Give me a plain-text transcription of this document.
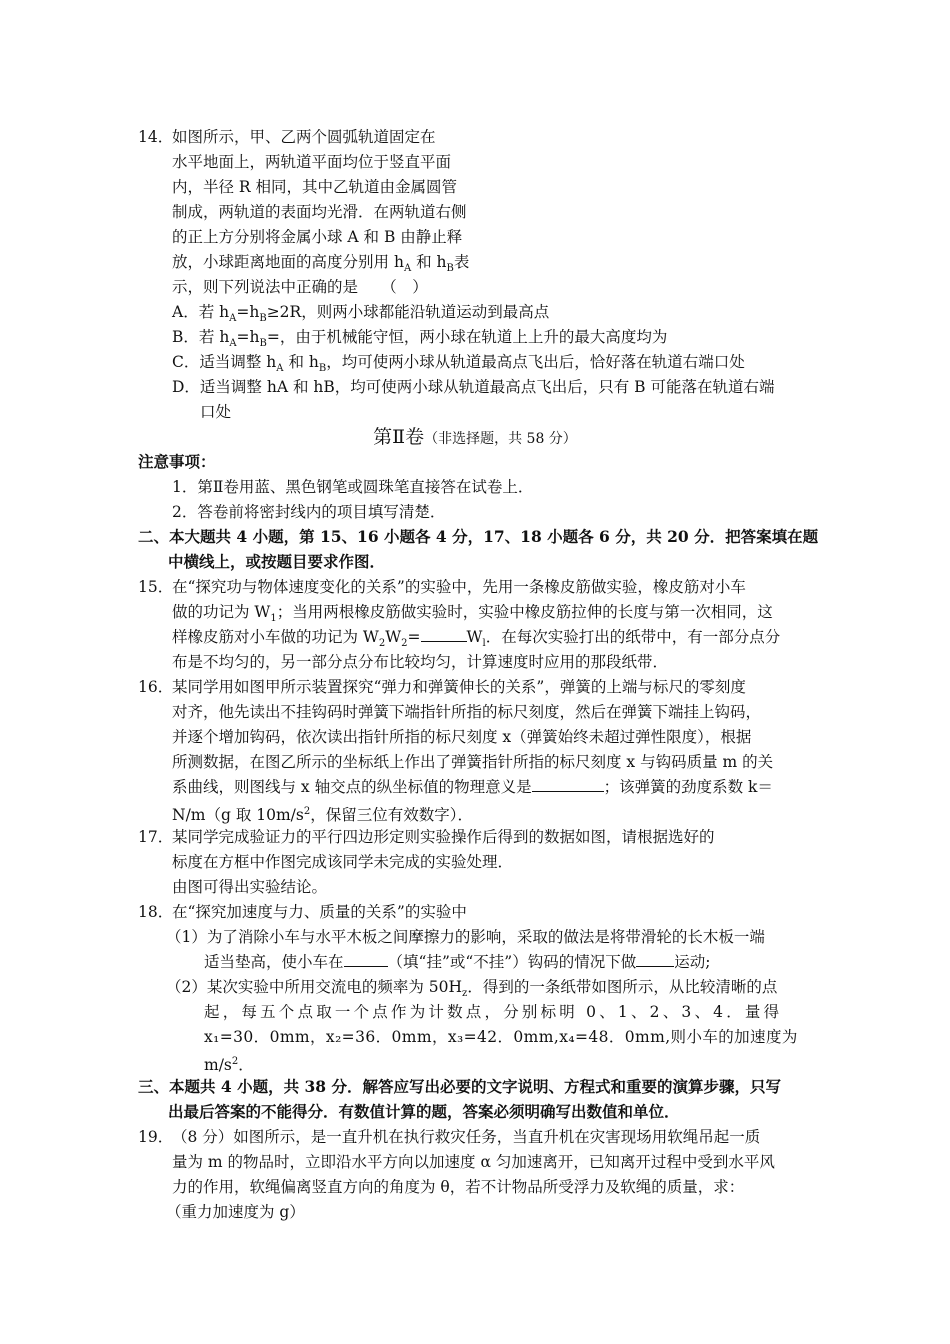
14．
如图所示，甲、乙两个圆弧轨道固定在
水平地面上，两轨道平面均位于竖直平面
内，半径 R 相同，其中乙轨道由金属圆管
制成，两轨道的表面均光滑．在两轨道右侧
的正上方分别将金属小球 A 和 B 由静止释
放，小球距离地面的高度分别用 $h_A$ 和 $h_B$表
示，则下列说法中正确的是　　（　）
A．若 $h_A=h_B\ge 2R$，则两小球都能沿轨道运动到最高点
B．若 $h_A=h_B=$，由于机械能守恒，两小球在轨道上上升的最大高度均为
C．适当调整 $h_A$ 和 $h_B$，均可使两小球从轨道最高点飞出后，恰好落在轨道右端口处
D．适当调整 hA 和 hB，均可使两小球从轨道最高点飞出后，只有 B 可能落在轨道右端
口处
第Ⅱ卷（非选择题，共 58 分）
注意事项：
1．第Ⅱ卷用蓝、黑色钢笔或圆珠笔直接答在试卷上．
2．答卷前将密封线内的项目填写清楚．
二、本大题共 4 小题，第 15、16 小题各 4 分，17、18 小题各 6 分，共 20 分．把答案填在题
中横线上，或按题目要求作图．
15．
在“探究功与物体速度变化的关系”的实验中，先用一条橡皮筋做实验，橡皮筋对小车
做的功记为 $W_1$；当用两根橡皮筋做实验时，实验中橡皮筋拉伸的长度与第一次相同，这
样橡皮筋对小车做的功记为 $W_2W_2=$	$W_l$．在每次实验打出的纸带中，有一部分点分
布是不均匀的，另一部分点分布比较均匀，计算速度时应用的那段纸带．
16．
某同学用如图甲所示装置探究“弹力和弹簧伸长的关系”，弹簧的上端与标尺的零刻度
对齐，他先读出不挂钩码时弹簧下端指针所指的标尺刻度，然后在弹簧下端挂上钩码，
并逐个增加钩码，依次读出指针所指的标尺刻度 x（弹簧始终未超过弹性限度），根据
所测数据，在图乙所示的坐标纸上作出了弹簧指针所指的标尺刻度 x 与钩码质量 m 的关
系曲线，则图线与 x 轴交点的纵坐标值的物理意义是	；该弹簧的劲度系数 k＝
N/m（g 取 $10m/s^2$，保留三位有效数字）．
17．
某同学完成验证力的平行四边形定则实验操作后得到的数据如图，请根据选好的
标度在方框中作图完成该同学未完成的实验处理．
由图可得出实验结论。
18．
在“探究加速度与力、质量的关系”的实验中
（1）为了消除小车与水平木板之间摩擦力的影响，采取的做法是将带滑轮的长木板一端
适当垫高，使小车在	（填“挂”或“不挂”）钩码的情况下做 运动;
（2）某次实验中所用交流电的频率为 $50H_z$．得到的一条纸带如图所示，从比较清晰的点
起，每五个点取一个点作为计数点，分别标明 0、1、2、3、4．量得
x₁=30．0mm，x₂=36．0mm，x₃=42．0mm,x₄=48．0mm,则小车的加速度为
$m/s^2$．
三、本题共 4 小题，共 38 分．解答应写出必要的文字说明、方程式和重要的演算步骤，只写
出最后答案的不能得分．有数值计算的题，答案必须明确写出数值和单位．
19．
（8 分）如图所示，是一直升机在执行救灾任务，当直升机在灾害现场用软绳吊起一质
量为 m 的物品时，立即沿水平方向以加速度 α 匀加速离开，已知离开过程中受到水平风
力的作用，软绳偏离竖直方向的角度为 θ，若不计物品所受浮力及软绳的质量，求：
（重力加速度为 g）
